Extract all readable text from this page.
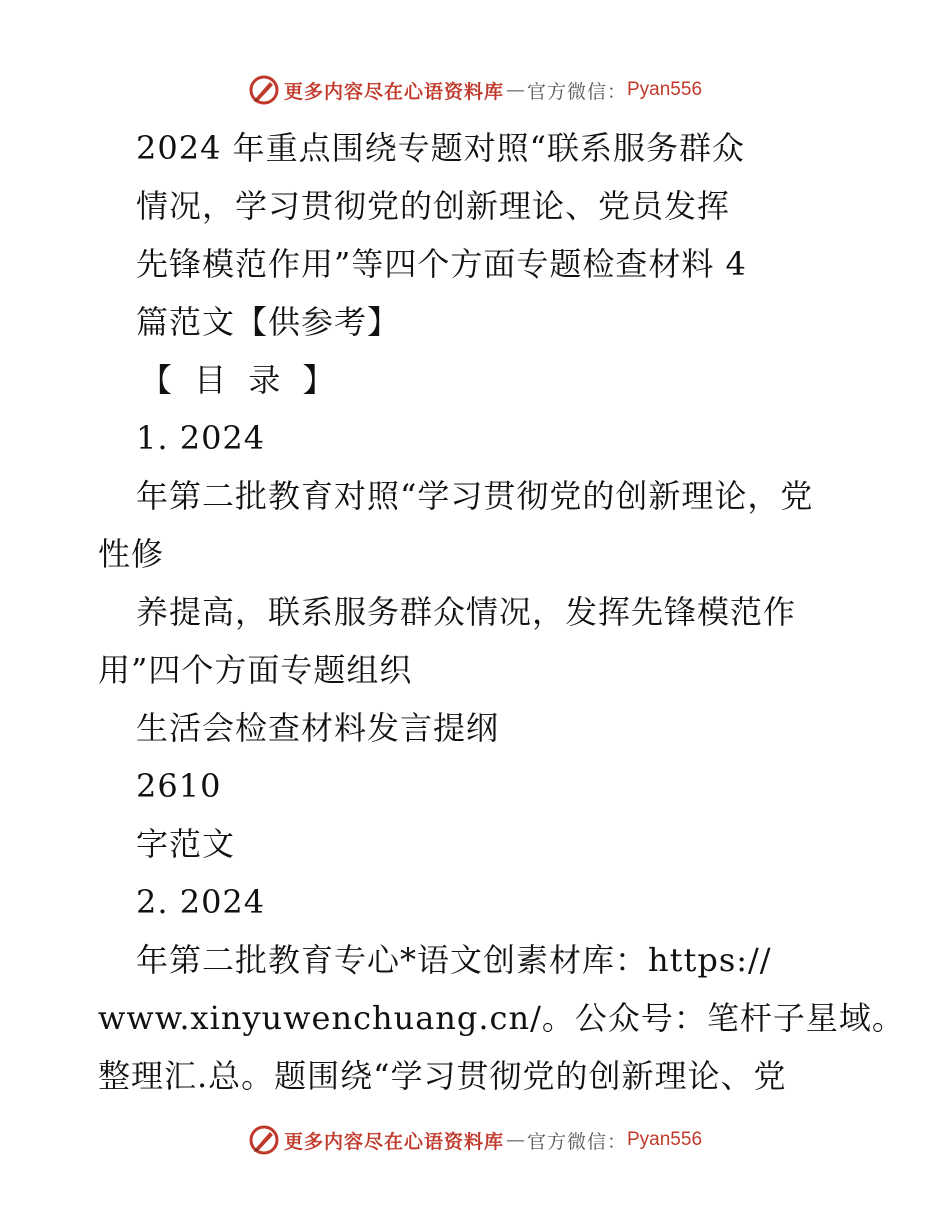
更多内容尽在心语资料库 — 官方微信： Pyan556
2024 年重点围绕专题对照“联系服务群众
情况，学习贯彻党的创新理论、党员发挥
先锋模范作用”等四个方面专题检查材料 4
篇范文【供参考】
【 目 录 】
1. 2024
年第二批教育对照“学习贯彻党的创新理论，党
性修
养提高，联系服务群众情况，发挥先锋模范作
用”四个方面专题组织
生活会检查材料发言提纲
2610
字范文
2. 2024
年第二批教育专心*语文创素材库：https://
www.xinyuwenchuang.cn/。公众号：笔杆子星域。
整理汇.总。题围绕“学习贯彻党的创新理论、党
更多内容尽在心语资料库 — 官方微信： Pyan556
